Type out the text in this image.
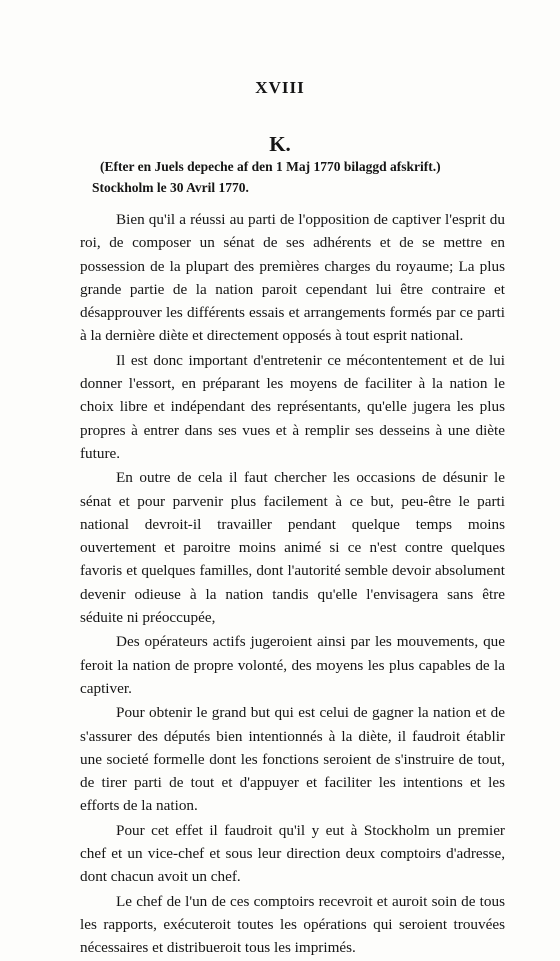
XVIII
K.
(Efter en Juels depeche af den 1 Maj 1770 bilaggd afskrift.)
Stockholm le 30 Avril 1770.

Bien qu'il a réussi au parti de l'opposition de captiver l'esprit du roi, de composer un sénat de ses adhérents et de se mettre en possession de la plupart des premières charges du royaume; La plus grande partie de la nation paroit cependant lui être contraire et désapprouver les différents essais et arrangements formés par ce parti à la dernière diète et directement opposés à tout esprit national.

Il est donc important d'entretenir ce mécontentement et de lui donner l'essort, en préparant les moyens de faciliter à la nation le choix libre et indépendant des représentants, qu'elle jugera les plus propres à entrer dans ses vues et à remplir ses desseins à une diète future.

En outre de cela il faut chercher les occasions de désunir le sénat et pour parvenir plus facilement à ce but, peu-être le parti national devroit-il travailler pendant quelque temps moins ouvertement et paroitre moins animé si ce n'est contre quelques favoris et quelques familles, dont l'autorité semble devoir absolument devenir odieuse à la nation tandis qu'elle l'envisagera sans être séduite ni préoccupée,

Des opérateurs actifs jugeroient ainsi par les mouvements, que feroit la nation de propre volonté, des moyens les plus capables de la captiver.

Pour obtenir le grand but qui est celui de gagner la nation et de s'assurer des députés bien intentionnés à la diète, il faudroit établir une societé formelle dont les fonctions seroient de s'instruire de tout, de tirer parti de tout et d'appuyer et faciliter les intentions et les efforts de la nation.

Pour cet effet il faudroit qu'il y eut à Stockholm un premier chef et un vice-chef et sous leur direction deux comptoirs d'adresse, dont chacun avoit un chef.

Le chef de l'un de ces comptoirs recevroit et auroit soin de tous les rapports, exécuteroit toutes les opérations qui seroient trouvées nécessaires et distribueroit tous les imprimés.
